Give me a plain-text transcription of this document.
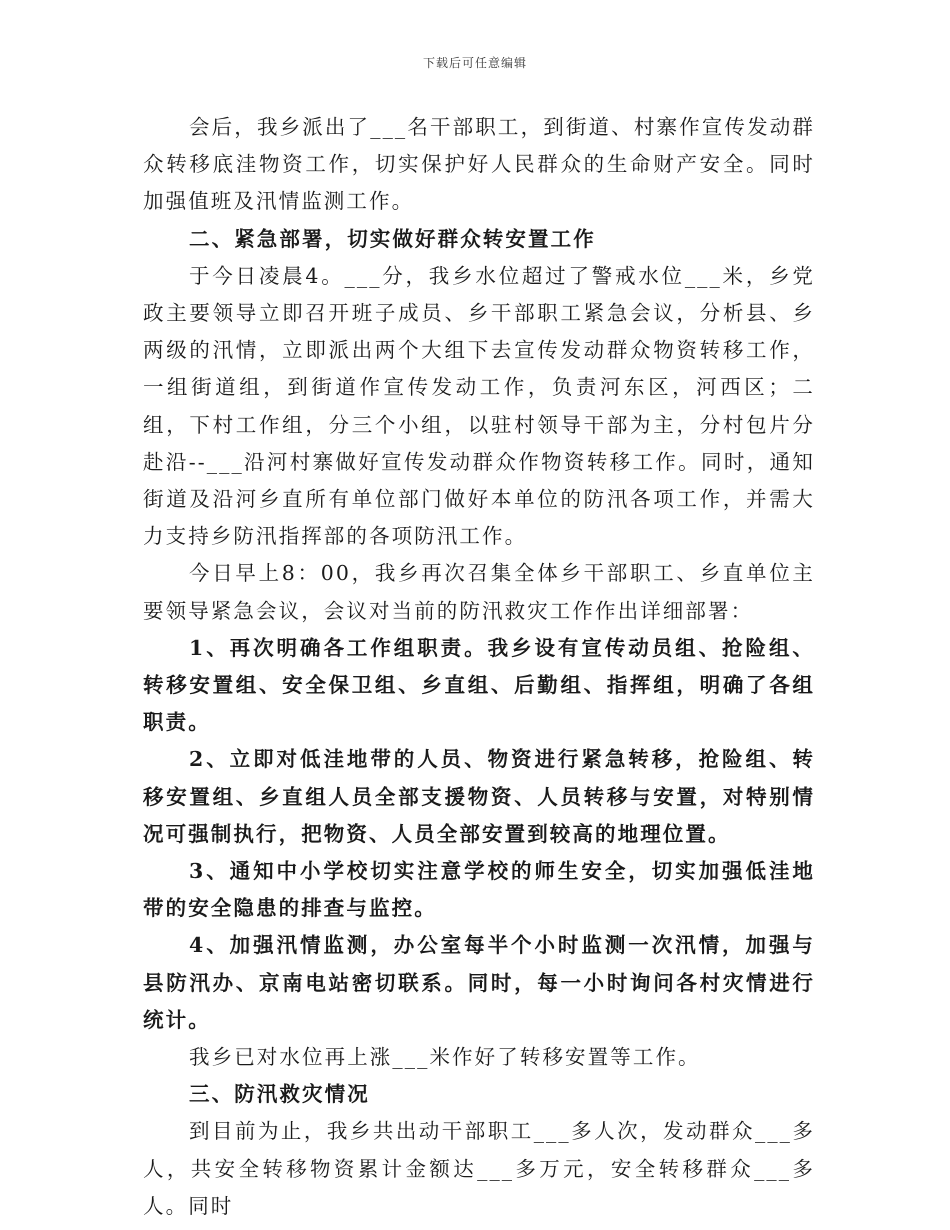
下载后可任意编辑

会后，我乡派出了___名干部职工，到街道、村寨作宣传发动群众转移底洼物资工作，切实保护好人民群众的生命财产安全。同时加强值班及汛情监测工作。

二、紧急部署，切实做好群众转安置工作

于今日凌晨4。___分，我乡水位超过了警戒水位___米，乡党政主要领导立即召开班子成员、乡干部职工紧急会议，分析县、乡两级的汛情，立即派出两个大组下去宣传发动群众物资转移工作，一组街道组，到街道作宣传发动工作，负责河东区，河西区；二组，下村工作组，分三个小组，以驻村领导干部为主，分村包片分赴沿--___沿河村寨做好宣传发动群众作物资转移工作。同时，通知街道及沿河乡直所有单位部门做好本单位的防汛各项工作，并需大力支持乡防汛指挥部的各项防汛工作。

今日早上8：00，我乡再次召集全体乡干部职工、乡直单位主要领导紧急会议，会议对当前的防汛救灾工作作出详细部署：

1、再次明确各工作组职责。我乡设有宣传动员组、抢险组、转移安置组、安全保卫组、乡直组、后勤组、指挥组，明确了各组职责。

2、立即对低洼地带的人员、物资进行紧急转移，抢险组、转移安置组、乡直组人员全部支援物资、人员转移与安置，对特别情况可强制执行，把物资、人员全部安置到较高的地理位置。

3、通知中小学校切实注意学校的师生安全，切实加强低洼地带的安全隐患的排查与监控。

4、加强汛情监测，办公室每半个小时监测一次汛情，加强与县防汛办、京南电站密切联系。同时，每一小时询问各村灾情进行统计。

我乡已对水位再上涨___米作好了转移安置等工作。

三、防汛救灾情况

到目前为止，我乡共出动干部职工___多人次，发动群众___多人，共安全转移物资累计金额达___多万元，安全转移群众___多人。同时
